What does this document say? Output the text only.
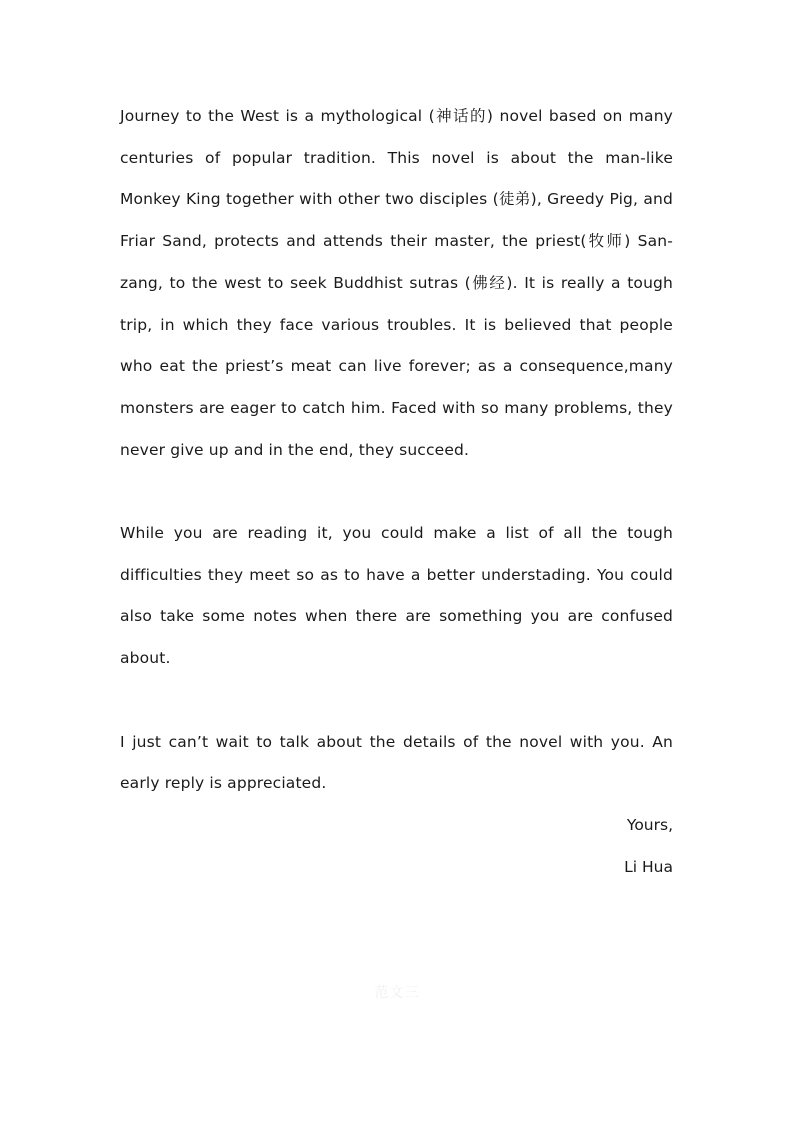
Journey to the West is a mythological (神话的) novel based on many centuries of popular tradition. This novel is about the man-like Monkey King together with other two disciples (徒弟), Greedy Pig, and Friar Sand, protects and attends their master, the priest(牧师) San-zang, to the west to seek Buddhist sutras (佛经). It is really a tough trip, in which they face various troubles. It is believed that people who eat the priest’s meat can live forever; as a consequence,many monsters are eager to catch him. Faced with so many problems, they never give up and in the end, they succeed.

While you are reading it, you could make a list of all the tough difficulties they meet so as to have a better understading. You could also take some notes when there are something you are confused about.

I just can’t wait to talk about the details of the novel with you. An early reply is appreciated.

Yours,

Li Hua

范文三
